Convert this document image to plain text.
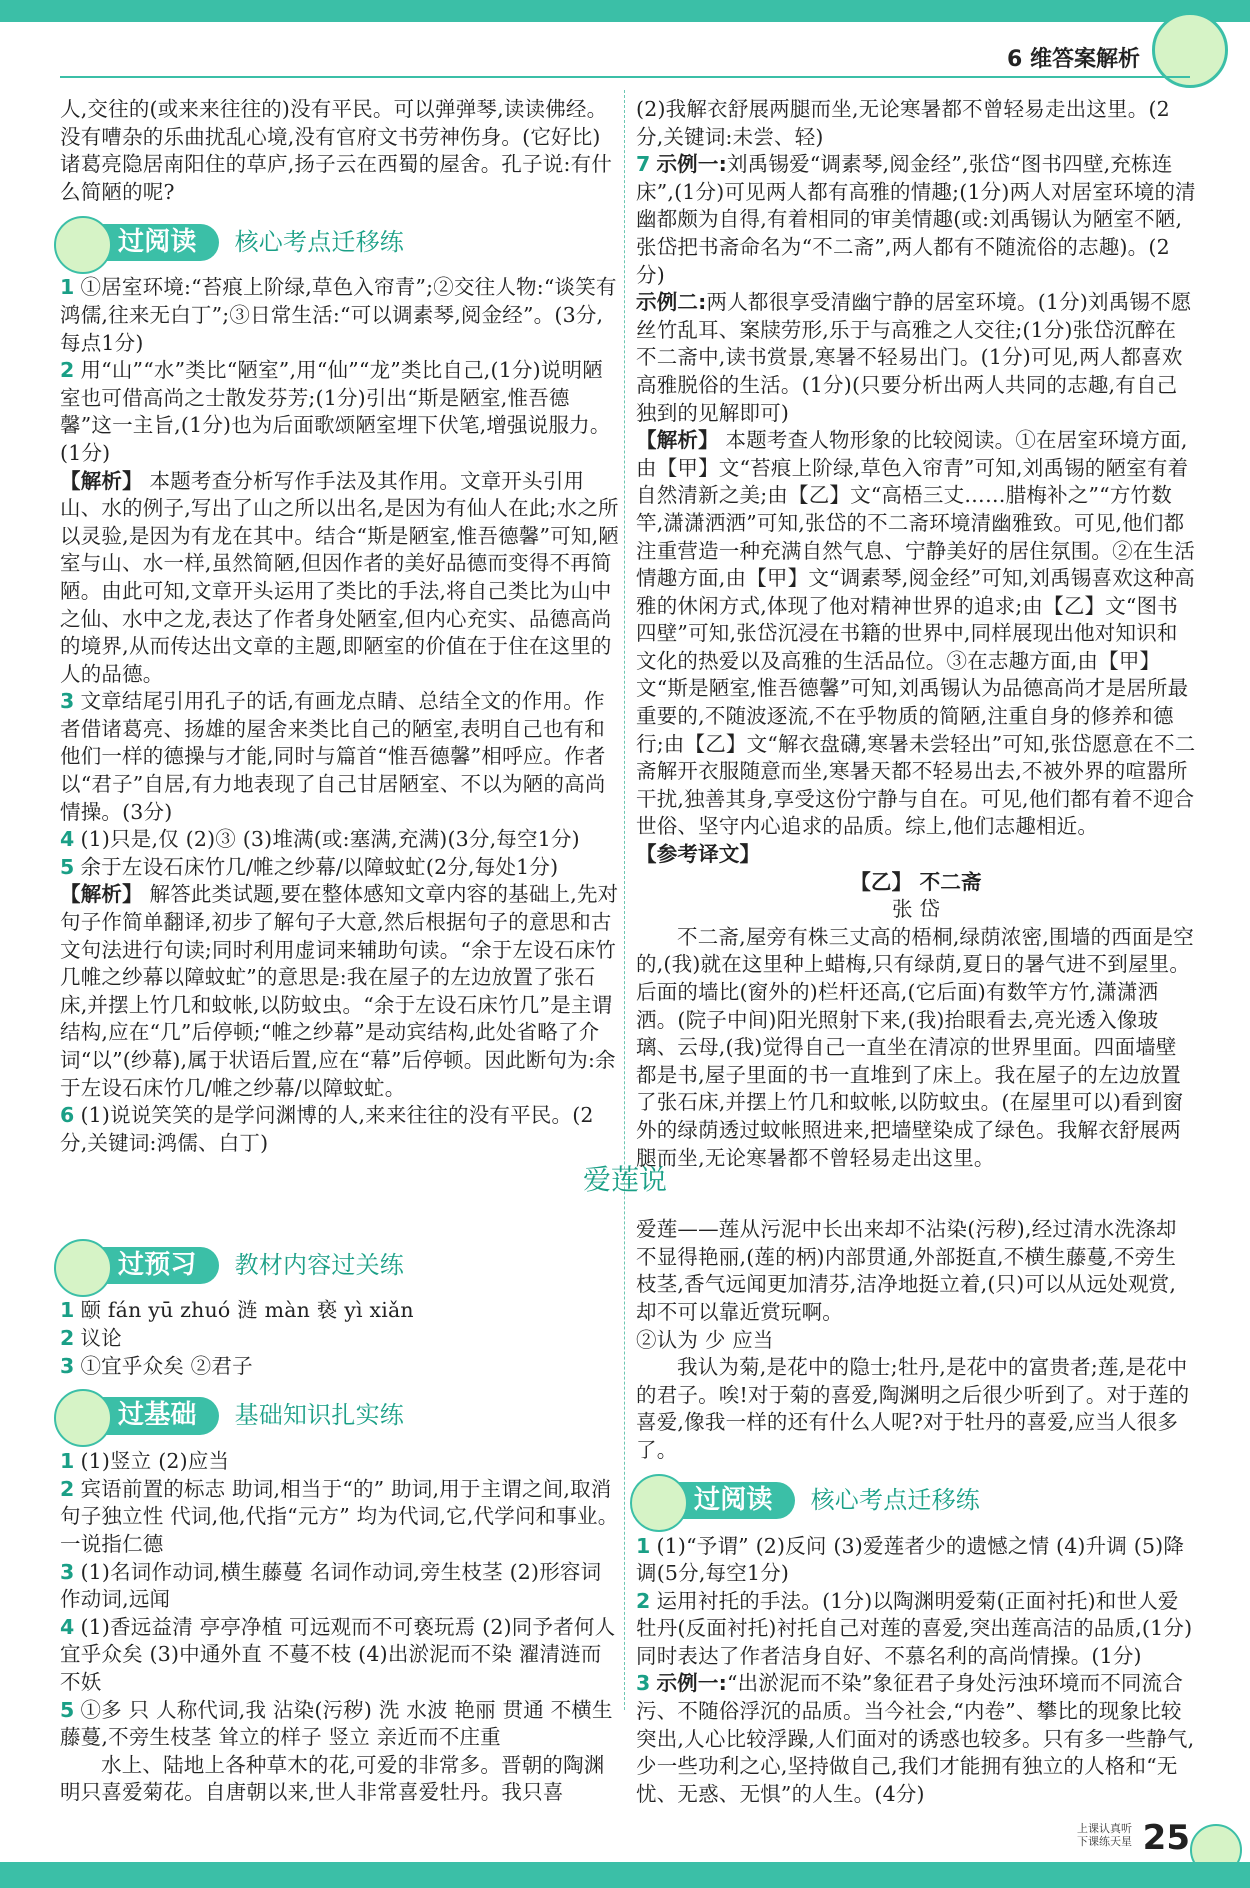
6 维答案解析

人,交往的(或来来往往的)没有平民。可以弹弹琴,读读佛经。没有嘈杂的乐曲扰乱心境,没有官府文书劳神伤身。(它好比)诸葛亮隐居南阳住的草庐,扬子云在西蜀的屋舍。孔子说:有什么简陋的呢?

过阅读	核心考点迁移练

1 ①居室环境:“苔痕上阶绿,草色入帘青”;②交往人物:“谈笑有鸿儒,往来无白丁”;③日常生活:“可以调素琴,阅金经”。(3分,每点1分)

2 用“山”“水”类比“陋室”,用“仙”“龙”类比自己,(1分)说明陋室也可借高尚之士散发芬芳;(1分)引出“斯是陋室,惟吾德馨”这一主旨,(1分)也为后面歌颂陋室埋下伏笔,增强说服力。(1分)

【解析】 本题考查分析写作手法及其作用。文章开头引用山、水的例子,写出了山之所以出名,是因为有仙人在此;水之所以灵验,是因为有龙在其中。结合“斯是陋室,惟吾德馨”可知,陋室与山、水一样,虽然简陋,但因作者的美好品德而变得不再简陋。由此可知,文章开头运用了类比的手法,将自己类比为山中之仙、水中之龙,表达了作者身处陋室,但内心充实、品德高尚的境界,从而传达出文章的主题,即陋室的价值在于住在这里的人的品德。

3 文章结尾引用孔子的话,有画龙点睛、总结全文的作用。作者借诸葛亮、扬雄的屋舍来类比自己的陋室,表明自己也有和他们一样的德操与才能,同时与篇首“惟吾德馨”相呼应。作者以“君子”自居,有力地表现了自己甘居陋室、不以为陋的高尚情操。(3分)

4 (1)只是,仅 (2)③ (3)堆满(或:塞满,充满)(3分,每空1分)

5 余于左设石床竹几/帷之纱幕/以障蚊虻(2分,每处1分)

【解析】 解答此类试题,要在整体感知文章内容的基础上,先对句子作简单翻译,初步了解句子大意,然后根据句子的意思和古文句法进行句读;同时利用虚词来辅助句读。“余于左设石床竹几帷之纱幕以障蚊虻”的意思是:我在屋子的左边放置了张石床,并摆上竹几和蚊帐,以防蚊虫。“余于左设石床竹几”是主谓结构,应在“几”后停顿;“帷之纱幕”是动宾结构,此处省略了介词“以”(纱幕),属于状语后置,应在“幕”后停顿。因此断句为:余于左设石床竹几/帷之纱幕/以障蚊虻。

6 (1)说说笑笑的是学问渊博的人,来来往往的没有平民。(2分,关键词:鸿儒、白丁)

过预习	教材内容过关练

1 颐 fán yū zhuó 涟 màn 亵 yì xiǎn

2 议论

3 ①宜乎众矣 ②君子

过基础	基础知识扎实练

1 (1)竖立 (2)应当

2 宾语前置的标志 助词,相当于“的” 助词,用于主谓之间,取消句子独立性 代词,他,代指“元方” 均为代词,它,代学问和事业。一说指仁德

3 (1)名词作动词,横生藤蔓 名词作动词,旁生枝茎 (2)形容词作动词,远闻

4 (1)香远益清 亭亭净植 可远观而不可亵玩焉 (2)同予者何人 宜乎众矣 (3)中通外直 不蔓不枝 (4)出淤泥而不染 濯清涟而不妖

5 ①多 只 人称代词,我 沾染(污秽) 洗 水波 艳丽 贯通 不横生藤蔓,不旁生枝茎 耸立的样子 竖立 亲近而不庄重

水上、陆地上各种草木的花,可爱的非常多。晋朝的陶渊明只喜爱菊花。自唐朝以来,世人非常喜爱牡丹。我只喜

爱莲说

(2)我解衣舒展两腿而坐,无论寒暑都不曾轻易走出这里。(2分,关键词:未尝、轻)

7 示例一:刘禹锡爱“调素琴,阅金经”,张岱“图书四壁,充栋连床”,(1分)可见两人都有高雅的情趣;(1分)两人对居室环境的清幽都颇为自得,有着相同的审美情趣(或:刘禹锡认为陋室不陋,张岱把书斋命名为“不二斋”,两人都有不随流俗的志趣)。(2分)

示例二:两人都很享受清幽宁静的居室环境。(1分)刘禹锡不愿丝竹乱耳、案牍劳形,乐于与高雅之人交往;(1分)张岱沉醉在不二斋中,读书赏景,寒暑不轻易出门。(1分)可见,两人都喜欢高雅脱俗的生活。(1分)(只要分析出两人共同的志趣,有自己独到的见解即可)

【解析】 本题考查人物形象的比较阅读。①在居室环境方面,由【甲】文“苔痕上阶绿,草色入帘青”可知,刘禹锡的陋室有着自然清新之美;由【乙】文“高梧三丈……腊梅补之”“方竹数竿,潇潇洒洒”可知,张岱的不二斋环境清幽雅致。可见,他们都注重营造一种充满自然气息、宁静美好的居住氛围。②在生活情趣方面,由【甲】文“调素琴,阅金经”可知,刘禹锡喜欢这种高雅的休闲方式,体现了他对精神世界的追求;由【乙】文“图书四壁”可知,张岱沉浸在书籍的世界中,同样展现出他对知识和文化的热爱以及高雅的生活品位。③在志趣方面,由【甲】文“斯是陋室,惟吾德馨”可知,刘禹锡认为品德高尚才是居所最重要的,不随波逐流,不在乎物质的简陋,注重自身的修养和德行;由【乙】文“解衣盘礴,寒暑未尝轻出”可知,张岱愿意在不二斋解开衣服随意而坐,寒暑天都不轻易出去,不被外界的喧嚣所干扰,独善其身,享受这份宁静与自在。可见,他们都有着不迎合世俗、坚守内心追求的品质。综上,他们志趣相近。

【参考译文】

【乙】 不二斋

张 岱

不二斋,屋旁有株三丈高的梧桐,绿荫浓密,围墙的西面是空的,(我)就在这里种上蜡梅,只有绿荫,夏日的暑气进不到屋里。后面的墙比(窗外的)栏杆还高,(它后面)有数竿方竹,潇潇洒洒。(院子中间)阳光照射下来,(我)抬眼看去,亮光透入像玻璃、云母,(我)觉得自己一直坐在清凉的世界里面。四面墙壁都是书,屋子里面的书一直堆到了床上。我在屋子的左边放置了张石床,并摆上竹几和蚊帐,以防蚊虫。(在屋里可以)看到窗外的绿荫透过蚊帐照进来,把墙壁染成了绿色。我解衣舒展两腿而坐,无论寒暑都不曾轻易走出这里。

爱莲——莲从污泥中长出来却不沾染(污秽),经过清水洗涤却不显得艳丽,(莲的柄)内部贯通,外部挺直,不横生藤蔓,不旁生枝茎,香气远闻更加清芬,洁净地挺立着,(只)可以从远处观赏,却不可以靠近赏玩啊。

②认为 少 应当

我认为菊,是花中的隐士;牡丹,是花中的富贵者;莲,是花中的君子。唉!对于菊的喜爱,陶渊明之后很少听到了。对于莲的喜爱,像我一样的还有什么人呢?对于牡丹的喜爱,应当人很多了。

过阅读	核心考点迁移练

1 (1)“予谓” (2)反问 (3)爱莲者少的遗憾之情 (4)升调 (5)降调(5分,每空1分)

2 运用衬托的手法。(1分)以陶渊明爱菊(正面衬托)和世人爱牡丹(反面衬托)衬托自己对莲的喜爱,突出莲高洁的品质,(1分)同时表达了作者洁身自好、不慕名利的高尚情操。(1分)

3 示例一:“出淤泥而不染”象征君子身处污浊环境而不同流合污、不随俗浮沉的品质。当今社会,“内卷”、攀比的现象比较突出,人心比较浮躁,人们面对的诱惑也较多。只有多一些静气,少一些功利之心,坚持做自己,我们才能拥有独立的人格和“无忧、无惑、无惧”的人生。(4分)

上课认真听
下课练天星 25
